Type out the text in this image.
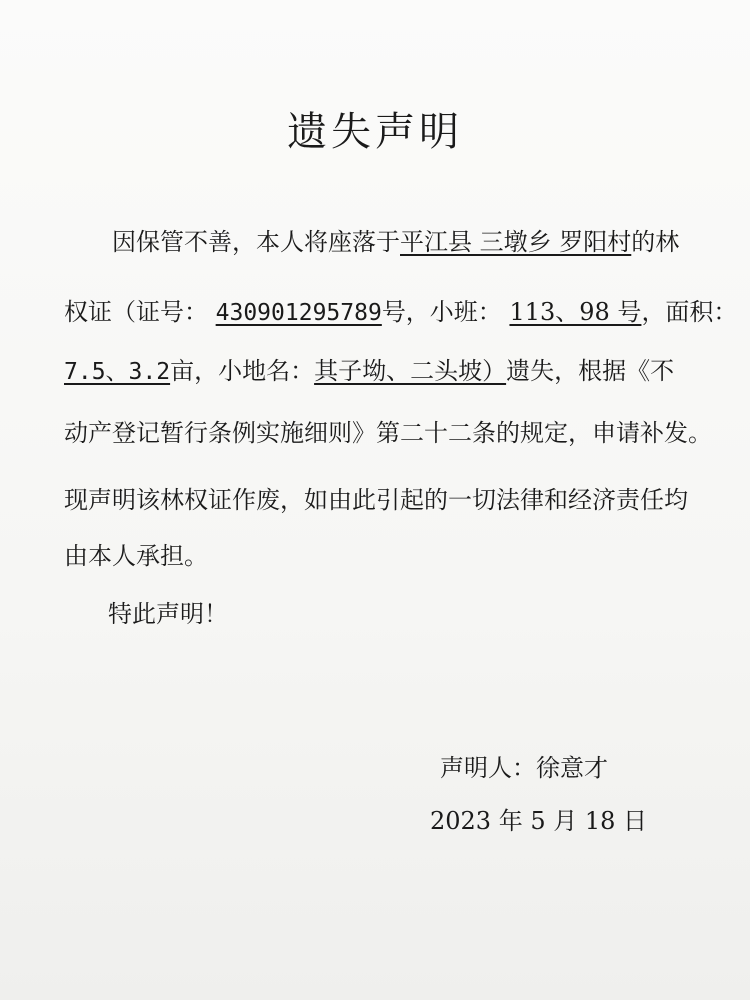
遗失声明
因保管不善，本人将座落于平江县 三墩乡 罗阳村的林
权证（证号： 430901295789号，小班： 113、98 号，面积：
7.5、3.2亩，小地名：其子坳、二头坡）遗失，根据《不
动产登记暂行条例实施细则》第二十二条的规定，申请补发。
现声明该林权证作废，如由此引起的一切法律和经济责任均
由本人承担。
特此声明！
声明人：徐意才
2023 年 5 月 18 日
